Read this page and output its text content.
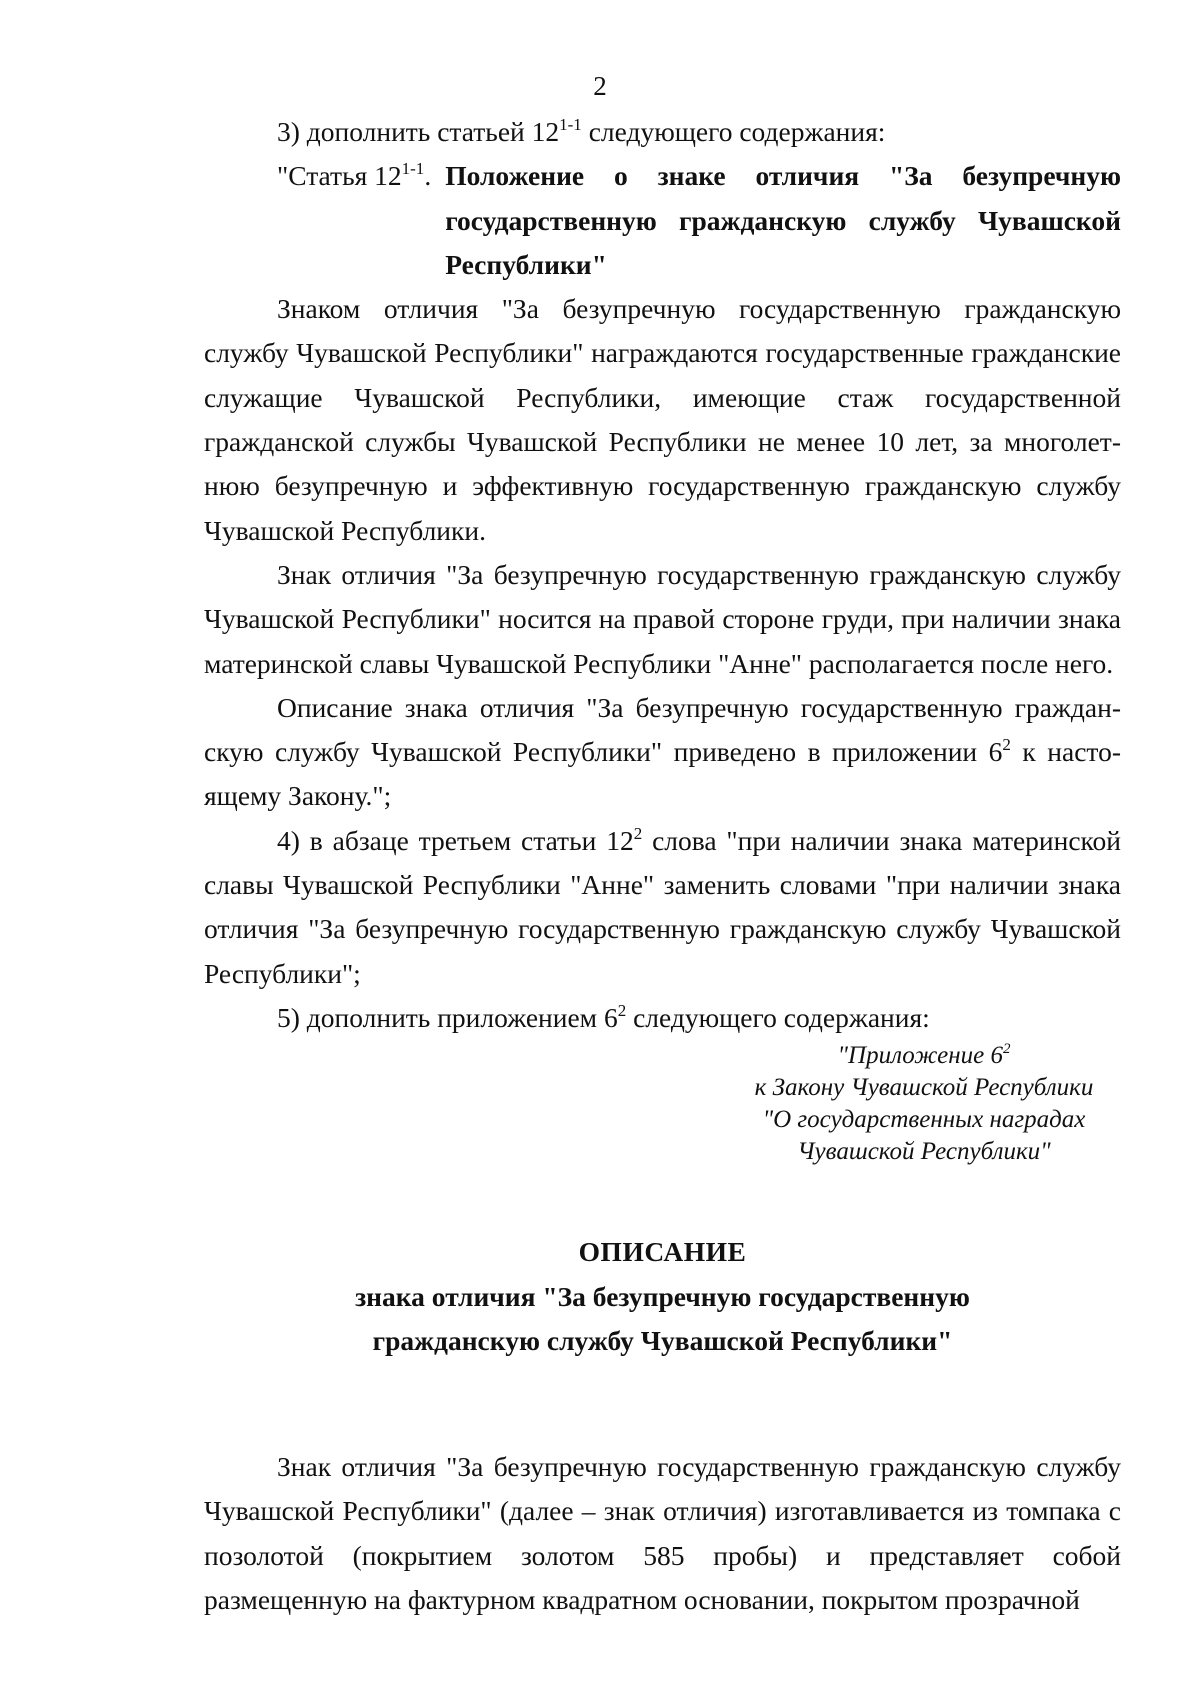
2

3) дополнить статьей 12$^{1-1}$ следующего содержания:

"Статья 12$^{1-1}$. Положение о знаке отличия "За безупречную государственную гражданскую службу Чувашской Республики"

Знаком отличия "За безупречную государственную гражданскую службу Чувашской Республики" награждаются государственные гражданские служащие Чувашской Республики, имеющие стаж государственной гражданской службы Чувашской Республики не менее 10 лет, за многолетнюю безупречную и эффективную государственную гражданскую службу Чувашской Республики.

Знак отличия "За безупречную государственную гражданскую службу Чувашской Республики" носится на правой стороне груди, при наличии знака материнской славы Чувашской Республики "Анне" располагается после него.

Описание знака отличия "За безупречную государственную гражданскую службу Чувашской Республики" приведено в приложении $6^2$ к настоящему Закону.";

4) в абзаце третьем статьи $12^2$ слова "при наличии знака материнской славы Чувашской Республики "Анне" заменить словами "при наличии знака отличия "За безупречную государственную гражданскую службу Чувашской Республики";

5) дополнить приложением $6^2$ следующего содержания:

"Приложение $6^2$
к Закону Чувашской Республики
"О государственных наградах
Чувашской Республики"
ОПИСАНИЕ
знака отличия "За безупречную государственную
гражданскую службу Чувашской Республики"

Знак отличия "За безупречную государственную гражданскую службу Чувашской Республики" (далее – знак отличия) изготавливается из томпака с позолотой (покрытием золотом 585 пробы) и представляет собой размещенную на фактурном квадратном основании, покрытом прозрачной
